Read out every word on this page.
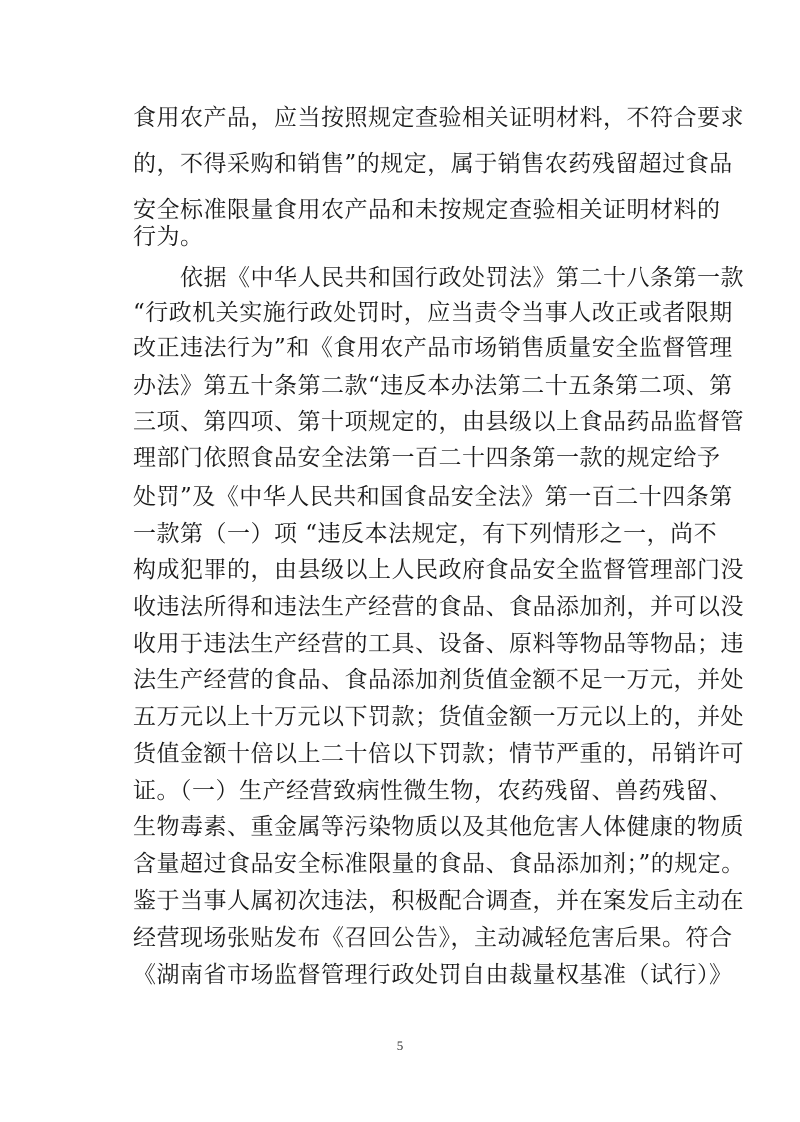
食用农产品，应当按照规定查验相关证明材料，不符合要求
的，不得采购和销售”的规定，属于销售农药残留超过食品
安全标准限量食用农产品和未按规定查验相关证明材料的
行为。
依据《中华人民共和国行政处罚法》第二十八条第一款
“行政机关实施行政处罚时，应当责令当事人改正或者限期
改正违法行为”和《食用农产品市场销售质量安全监督管理
办法》第五十条第二款“违反本办法第二十五条第二项、第
三项、第四项、第十项规定的，由县级以上食品药品监督管
理部门依照食品安全法第一百二十四条第一款的规定给予
处罚”及《中华人民共和国食品安全法》第一百二十四条第
一款第（一）项 “违反本法规定，有下列情形之一，尚不
构成犯罪的，由县级以上人民政府食品安全监督管理部门没
收违法所得和违法生产经营的食品、食品添加剂，并可以没
收用于违法生产经营的工具、设备、原料等物品等物品；违
法生产经营的食品、食品添加剂货值金额不足一万元，并处
五万元以上十万元以下罚款；货值金额一万元以上的，并处
货值金额十倍以上二十倍以下罚款；情节严重的，吊销许可
证。（一）生产经营致病性微生物，农药残留、兽药残留、
生物毒素、重金属等污染物质以及其他危害人体健康的物质
含量超过食品安全标准限量的食品、食品添加剂；”的规定。
鉴于当事人属初次违法，积极配合调查，并在案发后主动在
经营现场张贴发布《召回公告》，主动减轻危害后果。符合
《湖南省市场监督管理行政处罚自由裁量权基准（试行）》
5
